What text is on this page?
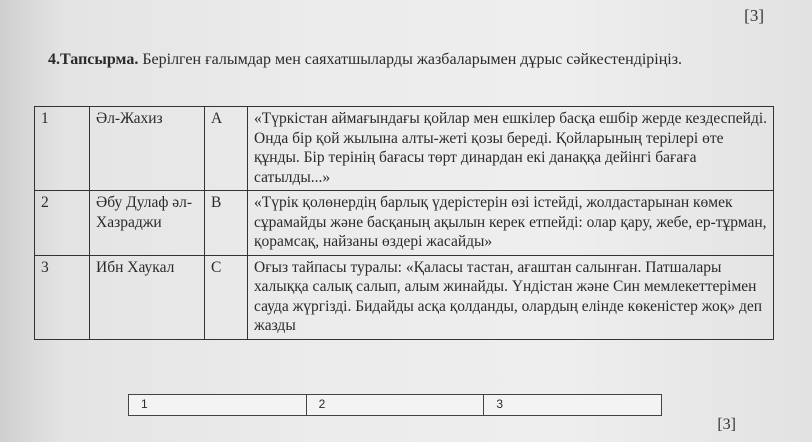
[3]
4.Тапсырма. Берілген ғалымдар мен саяхатшыларды жазбаларымен дұрыс сәйкестендіріңіз.
1	Әл-Жахиз	A	«Түркістан аймағындағы қойлар мен ешкілер басқа ешбір жерде кездеспейді. Онда бір қой жылына алты-жеті қозы береді. Қойларының терілері өте құнды. Бір терінің бағасы төрт динардан екі данаққа дейінгі бағаға сатылды...»
2	Әбу Дулаф әл-Хазраджи	B	«Түрік қолөнердің барлық үдерістерін өзі істейді, жолдастарынан көмек сұрамайды және басқаның ақылын керек етпейді: олар қару, жебе, ер-тұрман, қорамсақ, найзаны өздері жасайды»
3	Ибн Хаукал	C	Оғыз тайпасы туралы: «Қаласы тастан, ағаштан салынған. Патшалары халыққа салық салып, алым жинайды. Үндістан және Син мемлекеттерімен сауда жүргізді. Бидайды асқа қолданды, олардың елінде көкеністер жоқ» деп жазды
1	2	3
[3]
